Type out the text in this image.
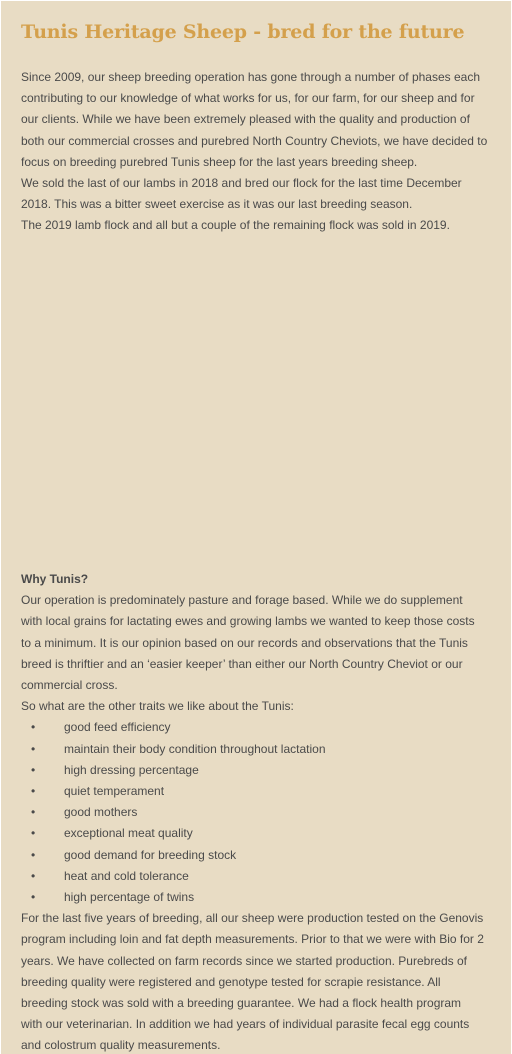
Tunis Heritage Sheep - bred for the future
Since 2009, our sheep breeding operation has gone through a number of phases each
contributing to our knowledge of what works for us, for our farm, for our sheep and for
our clients. While we have been extremely pleased with the quality and production of
both our commercial crosses and purebred North Country Cheviots, we have decided to
focus on breeding purebred Tunis sheep for the last years breeding sheep.
We sold the last of our lambs in 2018 and bred our flock for the last time December
2018. This was a bitter sweet exercise as it was our last breeding season.
The 2019 lamb flock and all but a couple of the remaining flock was sold in 2019.
Why Tunis?
Our operation is predominately pasture and forage based. While we do supplement
with local grains for lactating ewes and growing lambs we wanted to keep those costs
to a minimum. It is our opinion based on our records and observations that the Tunis
breed is thriftier and an ‘easier keeper’ than either our North Country Cheviot or our
commercial cross.
So what are the other traits we like about the Tunis:
• good feed efficiency
• maintain their body condition throughout lactation
• high dressing percentage
• quiet temperament
• good mothers
• exceptional meat quality
• good demand for breeding stock
• heat and cold tolerance
• high percentage of twins
For the last five years of breeding, all our sheep were production tested on the Genovis
program including loin and fat depth measurements. Prior to that we were with Bio for 2
years. We have collected on farm records since we started production. Purebreds of
breeding quality were registered and genotype tested for scrapie resistance. All
breeding stock was sold with a breeding guarantee. We had a flock health program
with our veterinarian. In addition we had years of individual parasite fecal egg counts
and colostrum quality measurements.
